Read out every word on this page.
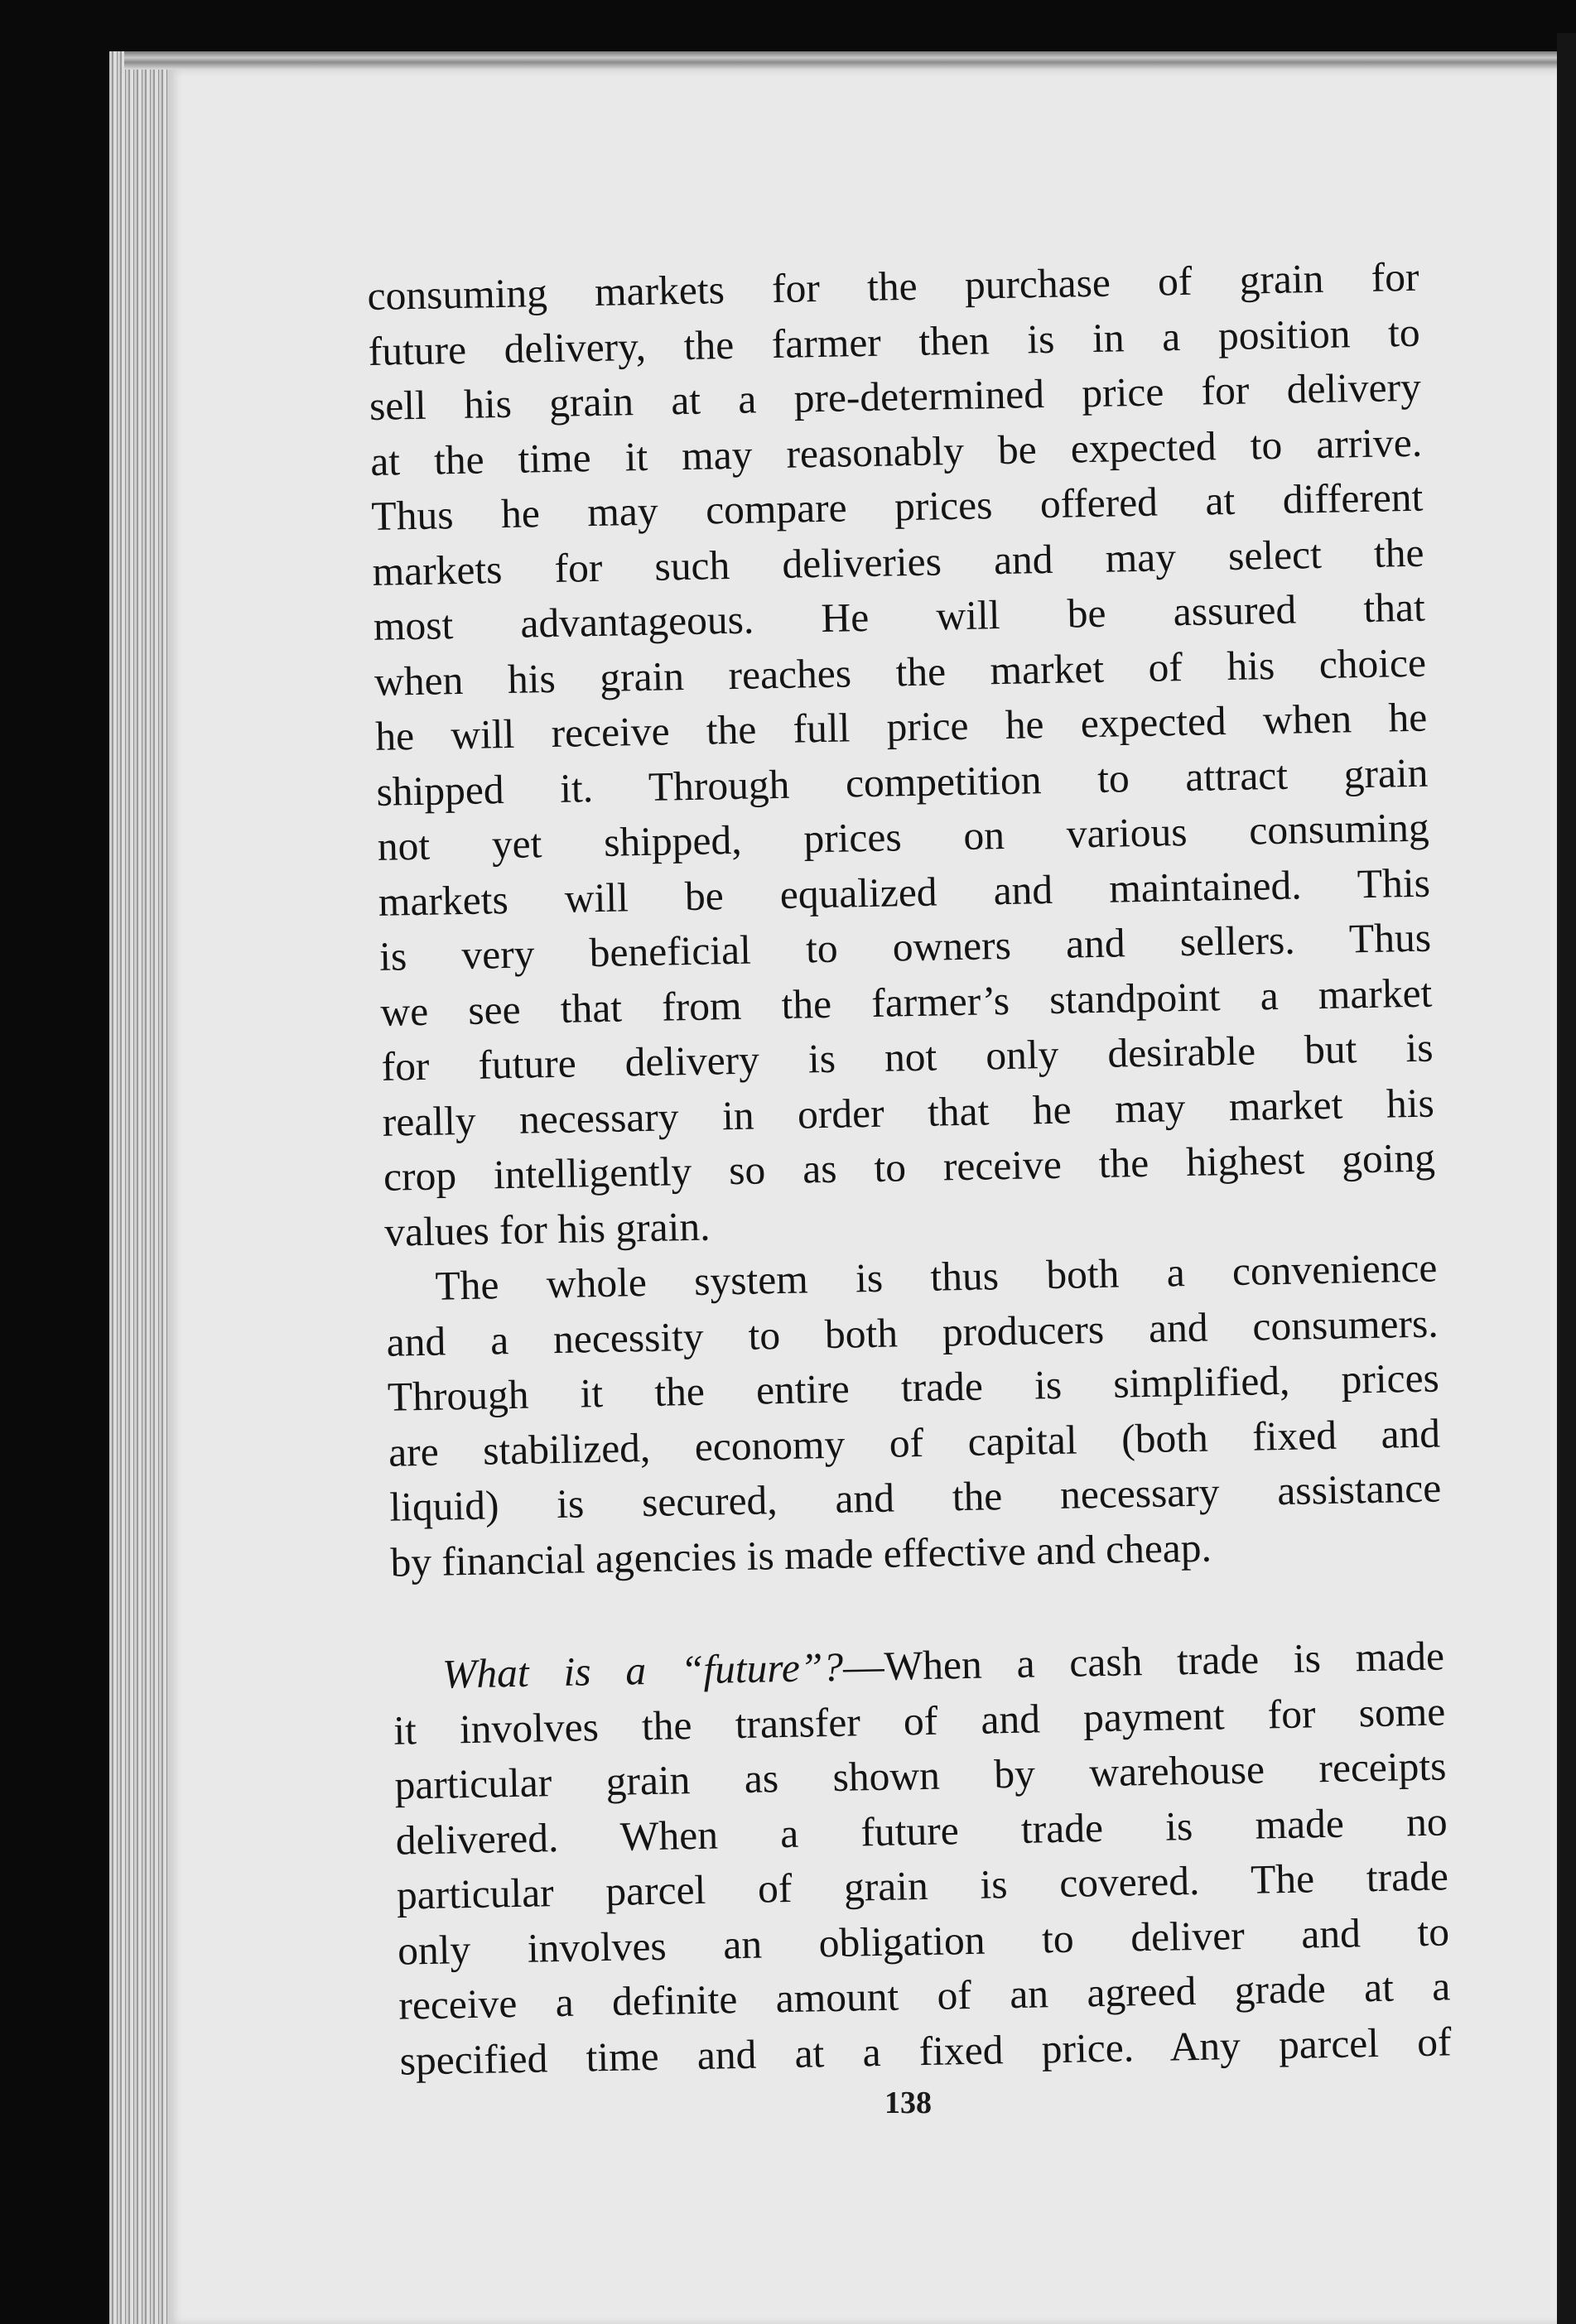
consuming markets for the purchase of grain for
future delivery, the farmer then is in a position to
sell his grain at a pre-determined price for delivery
at the time it may reasonably be expected to arrive.
Thus he may compare prices offered at different
markets for such deliveries and may select the
most advantageous. He will be assured that
when his grain reaches the market of his choice
he will receive the full price he expected when he
shipped it. Through competition to attract grain
not yet shipped, prices on various consuming
markets will be equalized and maintained. This
is very beneficial to owners and sellers. Thus
we see that from the farmer’s standpoint a market
for future delivery is not only desirable but is
really necessary in order that he may market his
crop intelligently so as to receive the highest going
values for his grain.
The whole system is thus both a convenience
and a necessity to both producers and consumers.
Through it the entire trade is simplified, prices
are stabilized, economy of capital (both fixed and
liquid) is secured, and the necessary assistance
by financial agencies is made effective and cheap.
What is a “future”?—When a cash trade is made
it involves the transfer of and payment for some
particular grain as shown by warehouse receipts
delivered. When a future trade is made no
particular parcel of grain is covered. The trade
only involves an obligation to deliver and to
receive a definite amount of an agreed grade at a
specified time and at a fixed price. Any parcel of
138
